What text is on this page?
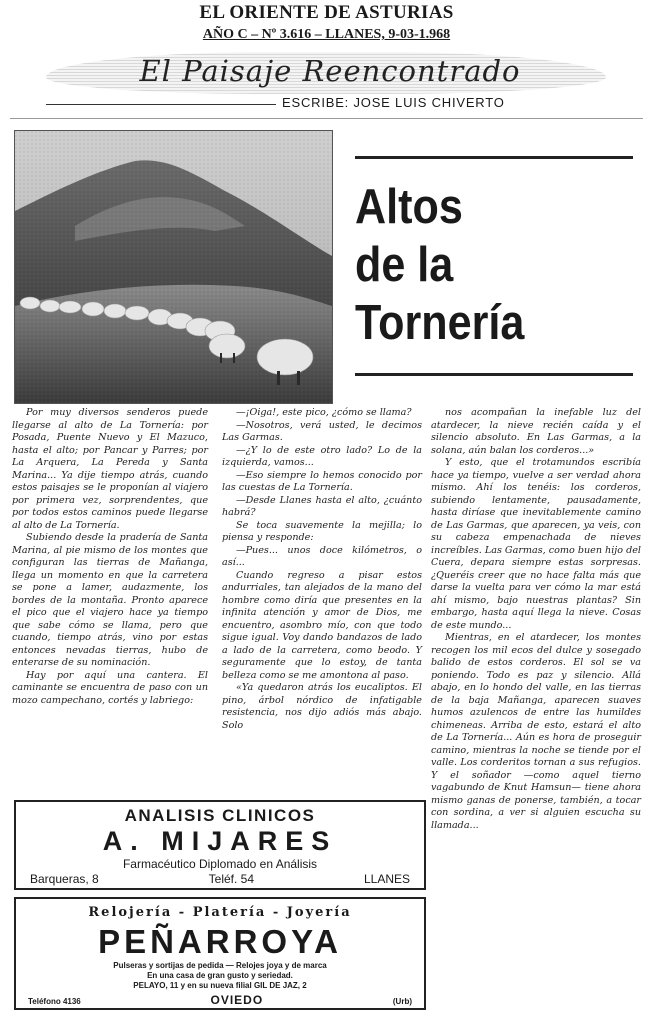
EL ORIENTE DE ASTURIAS
AÑO C – Nº 3.616 – LLANES, 9-03-1.968
El Paisaje Reencontrado
ESCRIBE: JOSE LUIS CHIVERTO
Altos
de la
Tornería

Por muy diversos senderos puede llegarse al alto de La Tornería: por Posada, Puente Nuevo y El Mazuco, hasta el alto; por Pancar y Parres; por La Arquera, La Pereda y Santa Marina... Ya dije tiempo atrás, cuando estos paisajes se le proponían al viajero por primera vez, sorprendentes, que por todos estos caminos puede llegarse al alto de La Tornería.

Subiendo desde la pradería de Santa Marina, al pie mismo de los montes que configuran las tierras de Mañanga, llega un momento en que la carretera se pone a lamer, audazmente, los bordes de la montaña. Pronto aparece el pico que el viajero hace ya tiempo que sabe cómo se llama, pero que cuando, tiempo atrás, vino por estas entonces nevadas tierras, hubo de enterarse de su nominación.

Hay por aquí una cantera. El caminante se encuentra de paso con un mozo campechano, cortés y labriego:

—¡Oiga!, este pico, ¿cómo se llama?

—Nosotros, verá usted, le decimos Las Garmas.

—¿Y lo de este otro lado? Lo de la izquierda, vamos...

—Eso siempre lo hemos conocido por las cuestas de La Tornería.

—Desde Llanes hasta el alto, ¿cuánto habrá?

Se toca suavemente la mejilla; lo piensa y responde:

—Pues... unos doce kilómetros, o así...

Cuando regreso a pisar estos andurriales, tan alejados de la mano del hombre como diría que presentes en la infinita atención y amor de Dios, me encuentro, asombro mío, con que todo sigue igual. Voy dando bandazos de lado a lado de la carretera, como beodo. Y seguramente que lo estoy, de tanta belleza como se me amontona al paso.

«Ya quedaron atrás los eucaliptos. El pino, árbol nórdico de infatigable resistencia, nos dijo adiós más abajo. Solo

nos acompañan la inefable luz del atardecer, la nieve recién caída y el silencio absoluto. En Las Garmas, a la solana, aún balan los corderos...»

Y esto, que el trotamundos escribía hace ya tiempo, vuelve a ser verdad ahora mismo. Ahí los tenéis: los corderos, subiendo lentamente, pausadamente, hasta diríase que inevitablemente camino de Las Garmas, que aparecen, ya veis, con su cabeza empenachada de nieves increíbles. Las Garmas, como buen hijo del Cuera, depara siempre estas sorpresas. ¿Queréis creer que no hace falta más que darse la vuelta para ver cómo la mar está ahí mismo, bajo nuestras plantas? Sin embargo, hasta aquí llega la nieve. Cosas de este mundo...

Mientras, en el atardecer, los montes recogen los mil ecos del dulce y sosegado balido de estos corderos. El sol se va poniendo. Todo es paz y silencio. Allá abajo, en lo hondo del valle, en las tierras de la baja Mañanga, aparecen suaves humos azulencos de entre las humildes chimeneas. Arriba de esto, estará el alto de La Tornería... Aún es hora de proseguir camino, mientras la noche se tiende por el valle. Los corderitos tornan a sus refugios. Y el soñador —como aquel tierno vagabundo de Knut Hamsun— tiene ahora mismo ganas de ponerse, también, a tocar con sordina, a ver si alguien escucha su llamada...

ANALISIS CLINICOS
A. MIJARES
Farmacéutico Diplomado en Análisis
Barqueras, 8	Teléf. 54	LLANES
Relojería - Platería - Joyería
PEÑARROYA
Pulseras y sortijas de pedida — Relojes joya y de marca
En una casa de gran gusto y seriedad.
PELAYO, 11 y en su nueva filial GIL DE JAZ, 2
Teléfono 4136	OVIEDO	(Urb)
